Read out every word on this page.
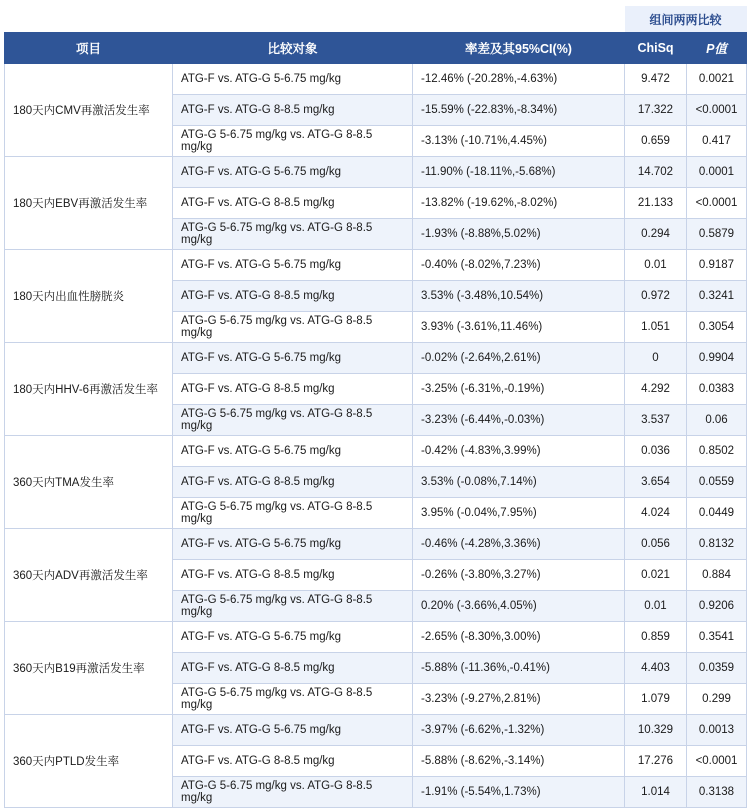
			组间两两比较	
项目	比较对象	率差及其95%CI(%)	ChiSq	P值
180天内CMV再激活发生率	ATG-F vs. ATG-G 5-6.75 mg/kg	-12.46% (-20.28%,-4.63%)	9.472	0.0021
	ATG-F vs. ATG-G 8-8.5 mg/kg	-15.59% (-22.83%,-8.34%)	17.322	<0.0001
	ATG-G 5-6.75 mg/kg vs. ATG-G 8-8.5 mg/kg	-3.13% (-10.71%,4.45%)	0.659	0.417
180天内EBV再激活发生率	ATG-F vs. ATG-G 5-6.75 mg/kg	-11.90% (-18.11%,-5.68%)	14.702	0.0001
	ATG-F vs. ATG-G 8-8.5 mg/kg	-13.82% (-19.62%,-8.02%)	21.133	<0.0001
	ATG-G 5-6.75 mg/kg vs. ATG-G 8-8.5 mg/kg	-1.93% (-8.88%,5.02%)	0.294	0.5879
180天内出血性膀胱炎	ATG-F vs. ATG-G 5-6.75 mg/kg	-0.40% (-8.02%,7.23%)	0.01	0.9187
	ATG-F vs. ATG-G 8-8.5 mg/kg	3.53% (-3.48%,10.54%)	0.972	0.3241
	ATG-G 5-6.75 mg/kg vs. ATG-G 8-8.5 mg/kg	3.93% (-3.61%,11.46%)	1.051	0.3054
180天内HHV-6再激活发生率	ATG-F vs. ATG-G 5-6.75 mg/kg	-0.02% (-2.64%,2.61%)	0	0.9904
	ATG-F vs. ATG-G 8-8.5 mg/kg	-3.25% (-6.31%,-0.19%)	4.292	0.0383
	ATG-G 5-6.75 mg/kg vs. ATG-G 8-8.5 mg/kg	-3.23% (-6.44%,-0.03%)	3.537	0.06
360天内TMA发生率	ATG-F vs. ATG-G 5-6.75 mg/kg	-0.42% (-4.83%,3.99%)	0.036	0.8502
	ATG-F vs. ATG-G 8-8.5 mg/kg	3.53% (-0.08%,7.14%)	3.654	0.0559
	ATG-G 5-6.75 mg/kg vs. ATG-G 8-8.5 mg/kg	3.95% (-0.04%,7.95%)	4.024	0.0449
360天内ADV再激活发生率	ATG-F vs. ATG-G 5-6.75 mg/kg	-0.46% (-4.28%,3.36%)	0.056	0.8132
	ATG-F vs. ATG-G 8-8.5 mg/kg	-0.26% (-3.80%,3.27%)	0.021	0.884
	ATG-G 5-6.75 mg/kg vs. ATG-G 8-8.5 mg/kg	0.20% (-3.66%,4.05%)	0.01	0.9206
360天内B19再激活发生率	ATG-F vs. ATG-G 5-6.75 mg/kg	-2.65% (-8.30%,3.00%)	0.859	0.3541
	ATG-F vs. ATG-G 8-8.5 mg/kg	-5.88% (-11.36%,-0.41%)	4.403	0.0359
	ATG-G 5-6.75 mg/kg vs. ATG-G 8-8.5 mg/kg	-3.23% (-9.27%,2.81%)	1.079	0.299
360天内PTLD发生率	ATG-F vs. ATG-G 5-6.75 mg/kg	-3.97% (-6.62%,-1.32%)	10.329	0.0013
	ATG-F vs. ATG-G 8-8.5 mg/kg	-5.88% (-8.62%,-3.14%)	17.276	<0.0001
	ATG-G 5-6.75 mg/kg vs. ATG-G 8-8.5 mg/kg	-1.91% (-5.54%,1.73%)	1.014	0.3138
